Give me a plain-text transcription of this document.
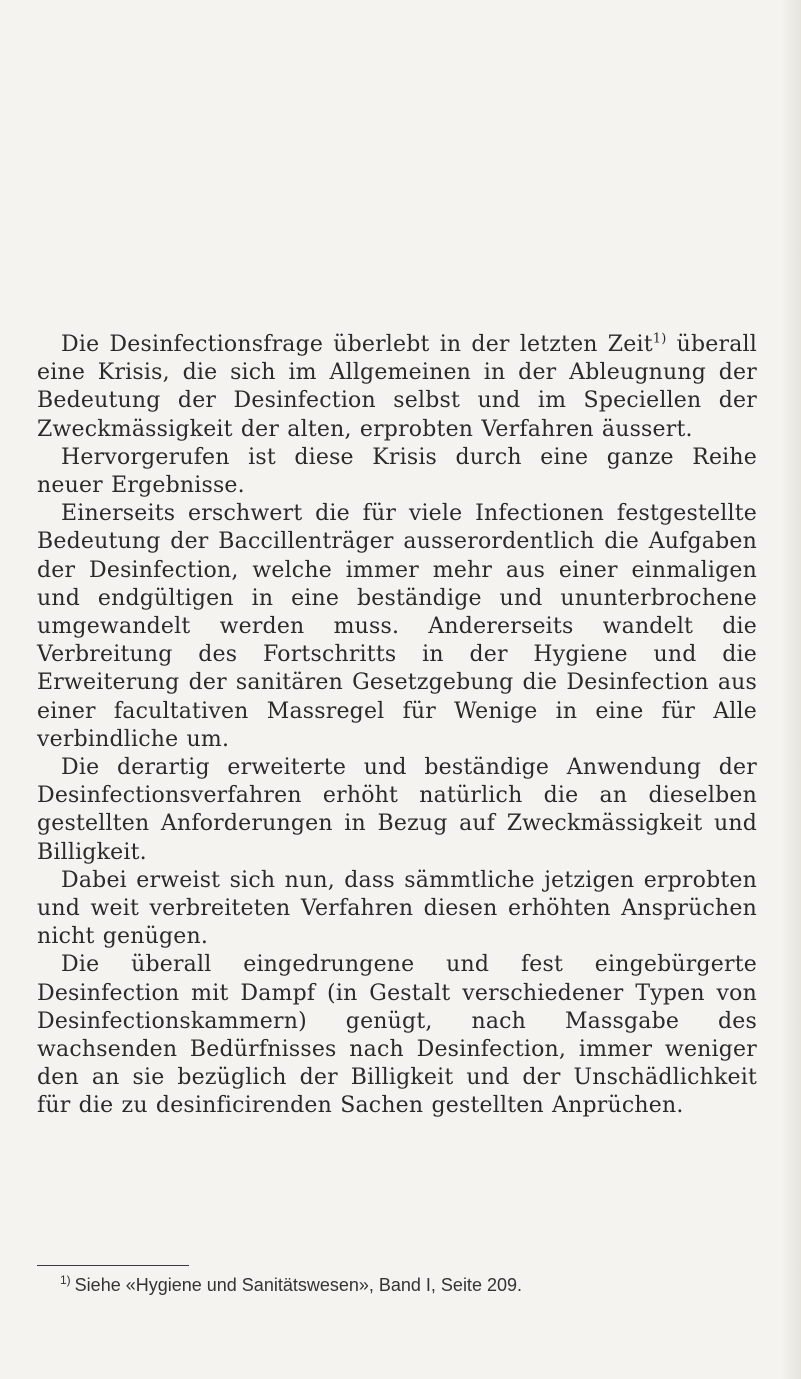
Die Desinfectionsfrage überlebt in der letzten Zeit$^{1)}$ überall eine Krisis, die sich im Allgemeinen in der Ableugnung der Bedeutung der Desinfection selbst und im Speciellen der Zweckmässigkeit der alten, erprobten Verfahren äussert.

Hervorgerufen ist diese Krisis durch eine ganze Reihe neuer Ergebnisse.

Einerseits erschwert die für viele Infectionen festgestellte Bedeutung der Baccillenträger ausserordentlich die Aufgaben der Desinfection, welche immer mehr aus einer einmaligen und endgültigen in eine beständige und ununterbrochene umgewandelt werden muss. Andererseits wandelt die Verbreitung des Fortschritts in der Hygiene und die Erweiterung der sanitären Gesetzgebung die Desinfection aus einer facultativen Massregel für Wenige in eine für Alle verbindliche um.

Die derartig erweiterte und beständige Anwendung der Desinfectionsverfahren erhöht natürlich die an dieselben gestellten Anforderungen in Bezug auf Zweckmässigkeit und Billigkeit.

Dabei erweist sich nun, dass sämmtliche jetzigen erprobten und weit verbreiteten Verfahren diesen erhöhten Ansprüchen nicht genügen.

Die überall eingedrungene und fest eingebürgerte Desinfection mit Dampf (in Gestalt verschiedener Typen von Desinfectionskammern) genügt, nach Massgabe des wachsenden Bedürfnisses nach Desinfection, immer weniger den an sie bezüglich der Billigkeit und der Unschädlichkeit für die zu desinficirenden Sachen gestellten Anprüchen.

$^{1)}$ Siehe «Hygiene und Sanitätswesen», Band I, Seite 209.
